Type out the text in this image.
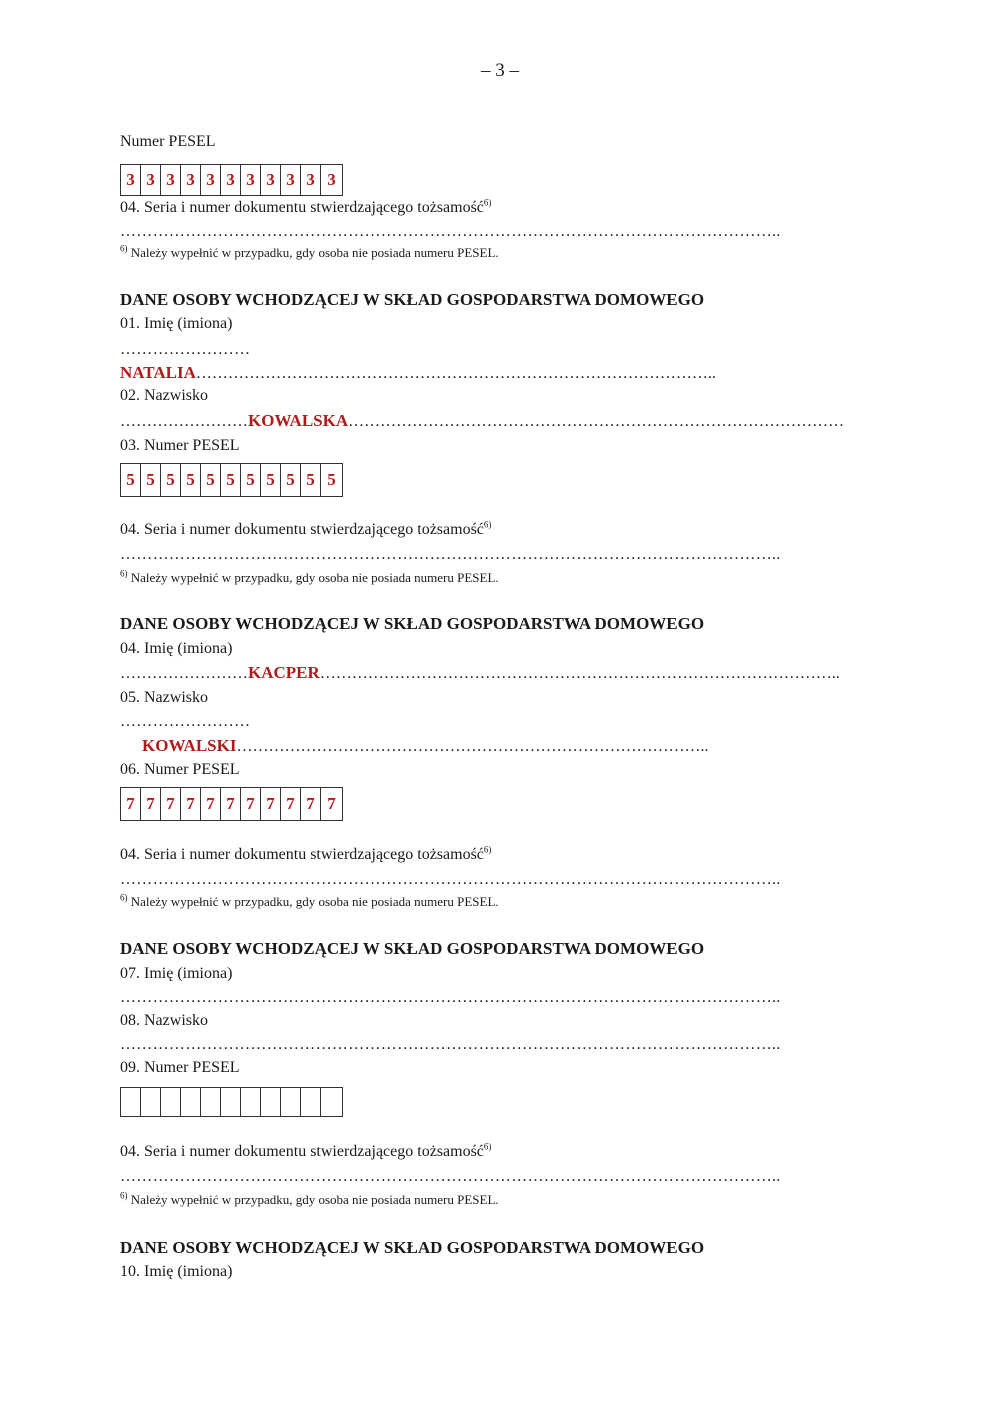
– 3 –
Numer PESEL
3 3 3 3 3 3 3 3 3 3 3
04. Seria i numer dokumentu stwierdzającego tożsamość$^{6)}$
…………………………………………………………………………………………………………..
$^{6)}$ Należy wypełnić w przypadku, gdy osoba nie posiada numeru PESEL.
DANE OSOBY WCHODZĄCEJ W SKŁAD GOSPODARSTWA DOMOWEGO
01. Imię (imiona)
……………………
NATALIA……………………………………………………………………………………..
02. Nazwisko
……………………KOWALSKA…………………………………………………………………………………
03. Numer PESEL
5 5 5 5 5 5 5 5 5 5 5
04. Seria i numer dokumentu stwierdzającego tożsamość$^{6)}$
…………………………………………………………………………………………………………..
$^{6)}$ Należy wypełnić w przypadku, gdy osoba nie posiada numeru PESEL.
DANE OSOBY WCHODZĄCEJ W SKŁAD GOSPODARSTWA DOMOWEGO
04. Imię (imiona)
……………………KACPER……………………………………………………………………………………..
05. Nazwisko
……………………
KOWALSKI……………………………………………………………………………..
06. Numer PESEL
7 7 7 7 7 7 7 7 7 7 7
04. Seria i numer dokumentu stwierdzającego tożsamość$^{6)}$
…………………………………………………………………………………………………………..
$^{6)}$ Należy wypełnić w przypadku, gdy osoba nie posiada numeru PESEL.
DANE OSOBY WCHODZĄCEJ W SKŁAD GOSPODARSTWA DOMOWEGO
07. Imię (imiona)
…………………………………………………………………………………………………………..
08. Nazwisko
…………………………………………………………………………………………………………..
09. Numer PESEL
04. Seria i numer dokumentu stwierdzającego tożsamość$^{6)}$
…………………………………………………………………………………………………………..
$^{6)}$ Należy wypełnić w przypadku, gdy osoba nie posiada numeru PESEL.
DANE OSOBY WCHODZĄCEJ W SKŁAD GOSPODARSTWA DOMOWEGO
10. Imię (imiona)
